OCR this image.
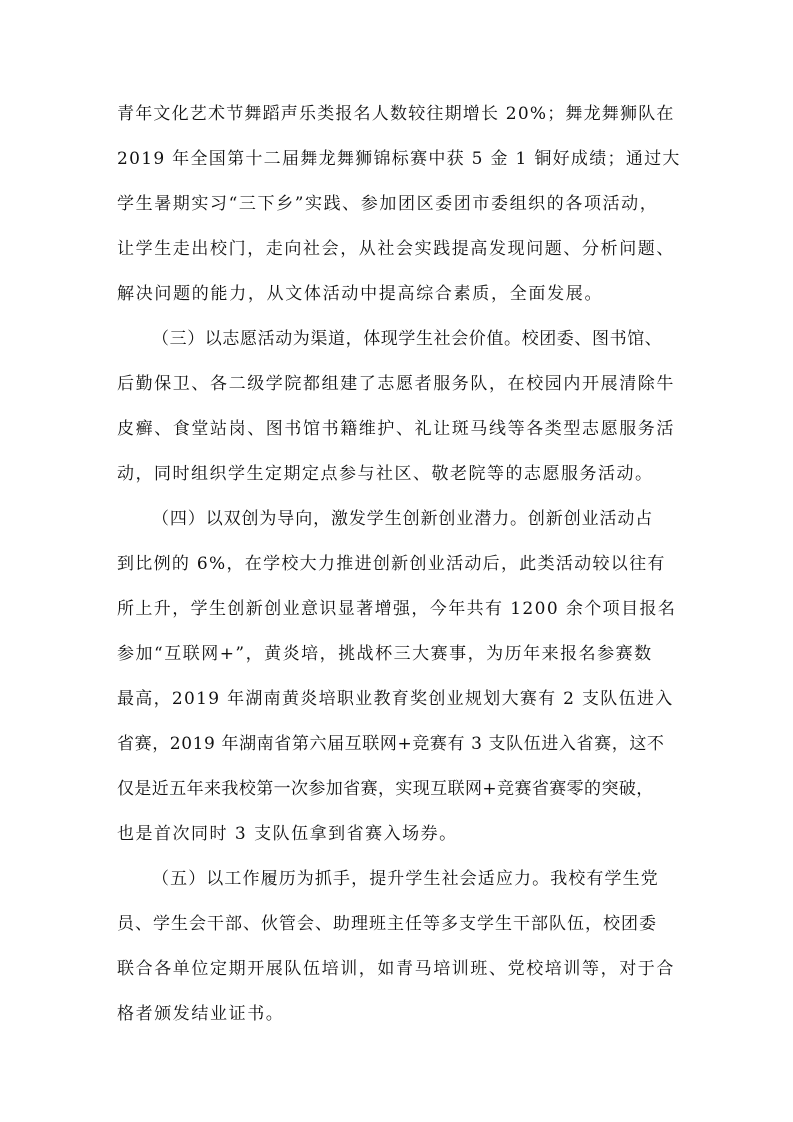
青年文化艺术节舞蹈声乐类报名人数较往期增长 20%；舞龙舞狮队在
2019 年全国第十二届舞龙舞狮锦标赛中获 5 金 1 铜好成绩；通过大
学生暑期实习“三下乡”实践、参加团区委团市委组织的各项活动，
让学生走出校门，走向社会，从社会实践提高发现问题、分析问题、
解决问题的能力，从文体活动中提高综合素质，全面发展。
（三）以志愿活动为渠道，体现学生社会价值。校团委、图书馆、
后勤保卫、各二级学院都组建了志愿者服务队，在校园内开展清除牛
皮癣、食堂站岗、图书馆书籍维护、礼让斑马线等各类型志愿服务活
动，同时组织学生定期定点参与社区、敬老院等的志愿服务活动。
（四）以双创为导向，激发学生创新创业潜力。创新创业活动占
到比例的 6%，在学校大力推进创新创业活动后，此类活动较以往有
所上升，学生创新创业意识显著增强，今年共有 1200 余个项目报名
参加“互联网+”，黄炎培，挑战杯三大赛事，为历年来报名参赛数
最高，2019 年湖南黄炎培职业教育奖创业规划大赛有 2 支队伍进入
省赛，2019 年湖南省第六届互联网+竞赛有 3 支队伍进入省赛，这不
仅是近五年来我校第一次参加省赛，实现互联网+竞赛省赛零的突破，
也是首次同时 3 支队伍拿到省赛入场券。
（五）以工作履历为抓手，提升学生社会适应力。我校有学生党
员、学生会干部、伙管会、助理班主任等多支学生干部队伍，校团委
联合各单位定期开展队伍培训，如青马培训班、党校培训等，对于合
格者颁发结业证书。
